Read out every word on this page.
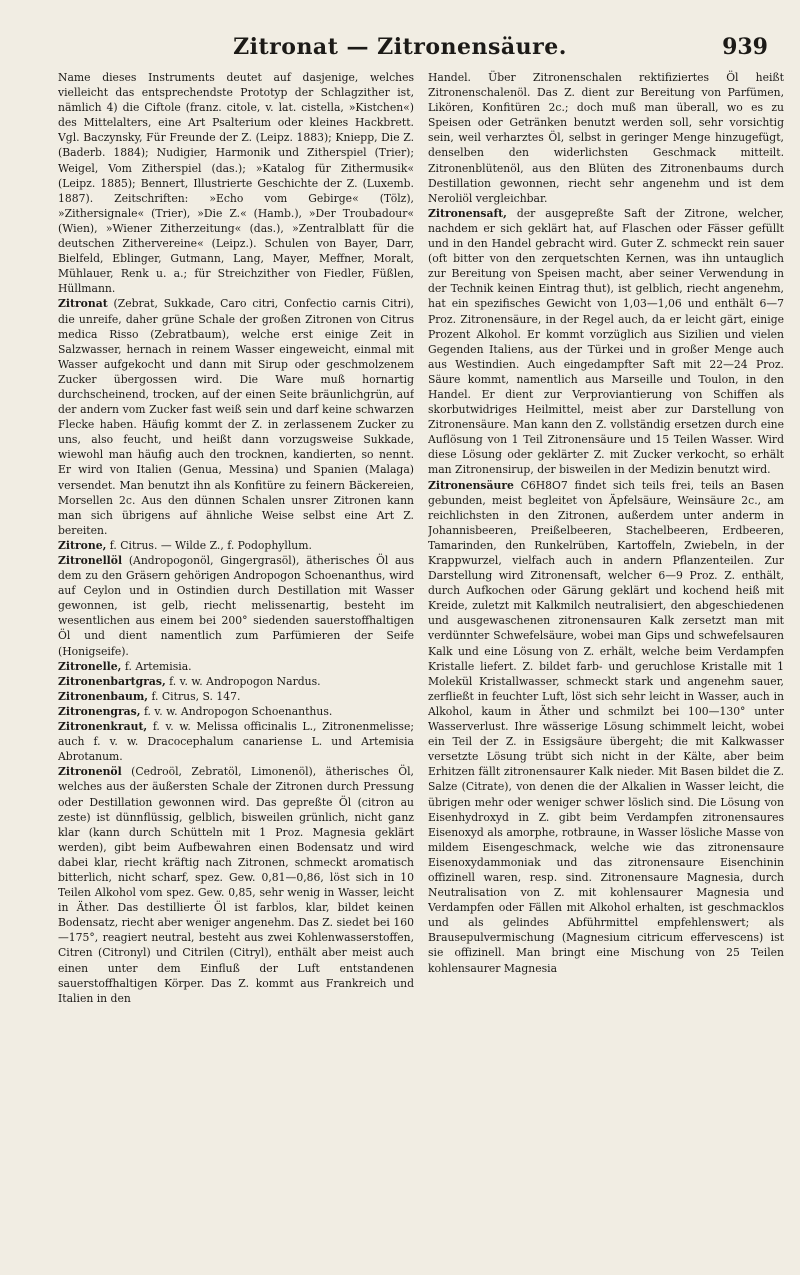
Zitronat — Zitronensäure.	939

Name dieses Instruments deutet auf dasjenige, welches vielleicht das entsprechendste Prototyp der Schlagzither ist, nämlich 4) die Ciftole (franz. citole, v. lat. cistella, »Kistchen«) des Mittelalters, eine Art Psalterium oder kleines Hackbrett. Vgl. Baczynsky, Für Freunde der Z. (Leipz. 1883); Kniepp, Die Z. (Baderb. 1884); Nudigier, Harmonik und Zitherspiel (Trier); Weigel, Vom Zitherspiel (das.); »Katalog für Zithermusik« (Leipz. 1885); Bennert, Illustrierte Geschichte der Z. (Luxemb. 1887). Zeitschriften: »Echo vom Gebirge« (Tölz), »Zithersignale« (Trier), »Die Z.« (Hamb.), »Der Troubadour« (Wien), »Wiener Zitherzeitung« (das.), »Zentralblatt für die deutschen Zithervereine« (Leipz.). Schulen von Bayer, Darr, Bielfeld, Eblinger, Gutmann, Lang, Mayer, Meffner, Moralt, Mühlauer, Renk u. a.; für Streichzither von Fiedler, Füßlen, Hüllmann.

Zitronat (Zebrat, Sukkade, Caro citri, Confectio carnis Citri), die unreife, daher grüne Schale der großen Zitronen von Citrus medica Risso (Zebratbaum), welche erst einige Zeit in Salzwasser, hernach in reinem Wasser eingeweicht, einmal mit Wasser aufgekocht und dann mit Sirup oder geschmolzenem Zucker übergossen wird. Die Ware muß hornartig durchscheinend, trocken, auf der einen Seite bräunlichgrün, auf der andern vom Zucker fast weiß sein und darf keine schwarzen Flecke haben. Häufig kommt der Z. in zerlassenem Zucker zu uns, also feucht, und heißt dann vorzugsweise Sukkade, wiewohl man häufig auch den trocknen, kandierten, so nennt. Er wird von Italien (Genua, Messina) und Spanien (Malaga) versendet. Man benutzt ihn als Konfitüre zu feinern Bäckereien, Morsellen 2c. Aus den dünnen Schalen unsrer Zitronen kann man sich übrigens auf ähnliche Weise selbst eine Art Z. bereiten.

Zitrone, f. Citrus. — Wilde Z., f. Podophyllum.

Zitronellöl (Andropogonöl, Gingergrasöl), ätherisches Öl aus dem zu den Gräsern gehörigen Andropogon Schoenanthus, wird auf Ceylon und in Ostindien durch Destillation mit Wasser gewonnen, ist gelb, riecht melissenartig, besteht im wesentlichen aus einem bei 200° siedenden sauerstoffhaltigen Öl und dient namentlich zum Parfümieren der Seife (Honigseife).

Zitronelle, f. Artemisia.

Zitronenbartgras, f. v. w. Andropogon Nardus.

Zitronenbaum, f. Citrus, S. 147.

Zitronengras, f. v. w. Andropogon Schoenanthus.

Zitronenkraut, f. v. w. Melissa officinalis L., Zitronenmelisse; auch f. v. w. Dracocephalum canariense L. und Artemisia Abrotanum.

Zitronenöl (Cedroöl, Zebratöl, Limonenöl), ätherisches Öl, welches aus der äußersten Schale der Zitronen durch Pressung oder Destillation gewonnen wird. Das gepreßte Öl (citron au zeste) ist dünnflüssig, gelblich, bisweilen grünlich, nicht ganz klar (kann durch Schütteln mit 1 Proz. Magnesia geklärt werden), gibt beim Aufbewahren einen Bodensatz und wird dabei klar, riecht kräftig nach Zitronen, schmeckt aromatisch bitterlich, nicht scharf, spez. Gew. 0,81—0,86, löst sich in 10 Teilen Alkohol vom spez. Gew. 0,85, sehr wenig in Wasser, leicht in Äther. Das destillierte Öl ist farblos, klar, bildet keinen Bodensatz, riecht aber weniger angenehm. Das Z. siedet bei 160—175°, reagiert neutral, besteht aus zwei Kohlenwasserstoffen, Citren (Citronyl) und Citrilen (Citryl), enthält aber meist auch einen unter dem Einfluß der Luft entstandenen sauerstoffhaltigen Körper. Das Z. kommt aus Frankreich und Italien in den

Handel. Über Zitronenschalen rektifiziertes Öl heißt Zitronenschalenöl. Das Z. dient zur Bereitung von Parfümen, Likören, Konfitüren 2c.; doch muß man überall, wo es zu Speisen oder Getränken benutzt werden soll, sehr vorsichtig sein, weil verharztes Öl, selbst in geringer Menge hinzugefügt, denselben den widerlichsten Geschmack mitteilt. Zitronenblütenöl, aus den Blüten des Zitronenbaums durch Destillation gewonnen, riecht sehr angenehm und ist dem Neroliöl vergleichbar.

Zitronensaft, der ausgepreßte Saft der Zitrone, welcher, nachdem er sich geklärt hat, auf Flaschen oder Fässer gefüllt und in den Handel gebracht wird. Guter Z. schmeckt rein sauer (oft bitter von den zerquetschten Kernen, was ihn untauglich zur Bereitung von Speisen macht, aber seiner Verwendung in der Technik keinen Eintrag thut), ist gelblich, riecht angenehm, hat ein spezifisches Gewicht von 1,03—1,06 und enthält 6—7 Proz. Zitronensäure, in der Regel auch, da er leicht gärt, einige Prozent Alkohol. Er kommt vorzüglich aus Sizilien und vielen Gegenden Italiens, aus der Türkei und in großer Menge auch aus Westindien. Auch eingedampfter Saft mit 22—24 Proz. Säure kommt, namentlich aus Marseille und Toulon, in den Handel. Er dient zur Verproviantierung von Schiffen als skorbutwidriges Heilmittel, meist aber zur Darstellung von Zitronensäure. Man kann den Z. vollständig ersetzen durch eine Auflösung von 1 Teil Zitronensäure und 15 Teilen Wasser. Wird diese Lösung oder geklärter Z. mit Zucker verkocht, so erhält man Zitronensirup, der bisweilen in der Medizin benutzt wird.

Zitronensäure C6H8O7 findet sich teils frei, teils an Basen gebunden, meist begleitet von Äpfelsäure, Weinsäure 2c., am reichlichsten in den Zitronen, außerdem unter anderm in Johannisbeeren, Preißelbeeren, Stachelbeeren, Erdbeeren, Tamarinden, den Runkelrüben, Kartoffeln, Zwiebeln, in der Krappwurzel, vielfach auch in andern Pflanzenteilen. Zur Darstellung wird Zitronensaft, welcher 6—9 Proz. Z. enthält, durch Aufkochen oder Gärung geklärt und kochend heiß mit Kreide, zuletzt mit Kalkmilch neutralisiert, den abgeschiedenen und ausgewaschenen zitronensauren Kalk zersetzt man mit verdünnter Schwefelsäure, wobei man Gips und schwefelsauren Kalk und eine Lösung von Z. erhält, welche beim Verdampfen Kristalle liefert. Z. bildet farb- und geruchlose Kristalle mit 1 Molekül Kristallwasser, schmeckt stark und angenehm sauer, zerfließt in feuchter Luft, löst sich sehr leicht in Wasser, auch in Alkohol, kaum in Äther und schmilzt bei 100—130° unter Wasserverlust. Ihre wässerige Lösung schimmelt leicht, wobei ein Teil der Z. in Essigsäure übergeht; die mit Kalkwasser versetzte Lösung trübt sich nicht in der Kälte, aber beim Erhitzen fällt zitronensaurer Kalk nieder. Mit Basen bildet die Z. Salze (Citrate), von denen die der Alkalien in Wasser leicht, die übrigen mehr oder weniger schwer löslich sind. Die Lösung von Eisenhydroxyd in Z. gibt beim Verdampfen zitronensaures Eisenoxyd als amorphe, rotbraune, in Wasser lösliche Masse von mildem Eisengeschmack, welche wie das zitronensaure Eisenoxydammoniak und das zitronensaure Eisenchinin offizinell waren, resp. sind. Zitronensaure Magnesia, durch Neutralisation von Z. mit kohlensaurer Magnesia und Verdampfen oder Fällen mit Alkohol erhalten, ist geschmacklos und als gelindes Abführmittel empfehlenswert; als Brausepulvermischung (Magnesium citricum effervescens) ist sie offizinell. Man bringt eine Mischung von 25 Teilen kohlensaurer Magnesia
